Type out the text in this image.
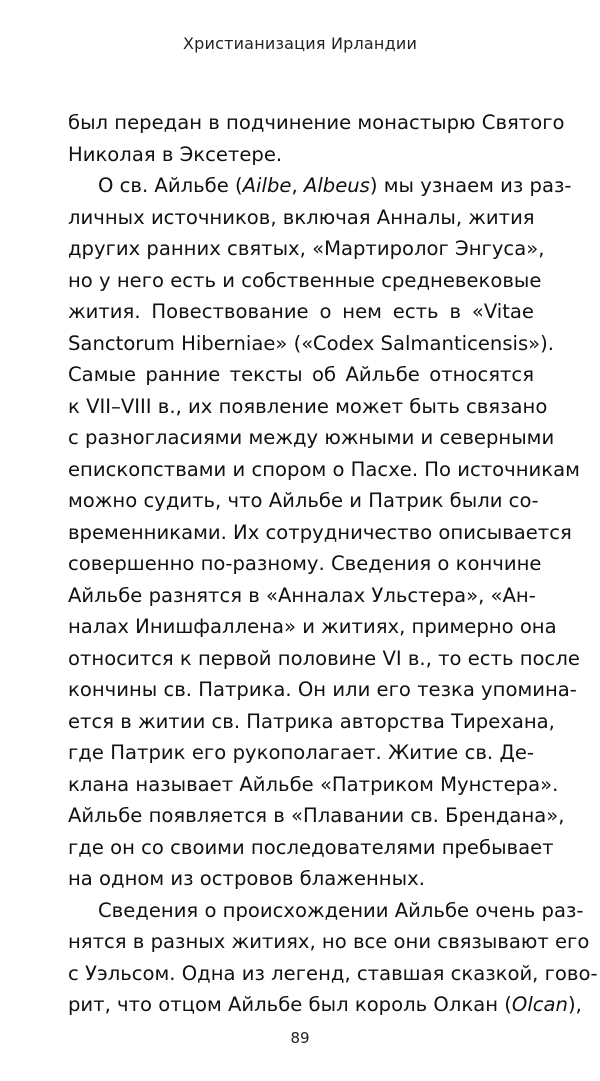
Христианизация Ирландии
был передан в подчинение монастырю Святого
Николая в Эксетере.
О св. Айльбе (Ailbe, Albeus) мы узнаем из раз-
личных источников, включая Анналы, жития
других ранних святых, «Мартиролог Энгуса»,
но у него есть и собственные средневековые
жития. Повествование о нем есть в «Vitae
Sanctorum Hiberniae» («Codex Salmanticensis»).
Самые ранние тексты об Айльбе относятся
к VII–VIII в., их появление может быть связано
с разногласиями между южными и северными
епископствами и спором о Пасхе. По источникам
можно судить, что Айльбе и Патрик были со-
временниками. Их сотрудничество описывается
совершенно по-разному. Сведения о кончине
Айльбе разнятся в «Анналах Ульстера», «Ан-
налах Инишфаллена» и житиях, примерно она
относится к первой половине VI в., то есть после
кончины св. Патрика. Он или его тезка упомина-
ется в житии св. Патрика авторства Тирехана,
где Патрик его рукополагает. Житие св. Де-
клана называет Айльбе «Патриком Мунстера».
Айльбе появляется в «Плавании св. Брендана»,
где он со своими последователями пребывает
на одном из островов блаженных.
Сведения о происхождении Айльбе очень раз-
нятся в разных житиях, но все они связывают его
с Уэльсом. Одна из легенд, ставшая сказкой, гово-
рит, что отцом Айльбе был король Олкан (Olcan),
89
